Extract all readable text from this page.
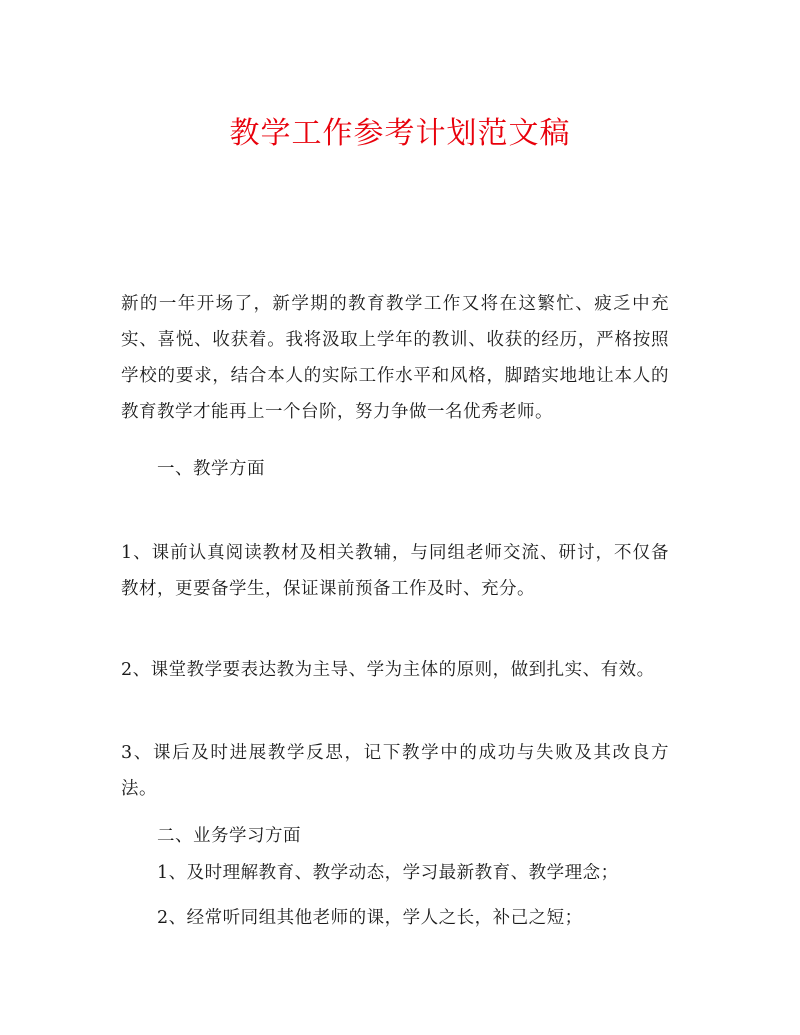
教学工作参考计划范文稿

新的一年开场了，新学期的教育教学工作又将在这繁忙、疲乏中充实、喜悦、收获着。我将汲取上学年的教训、收获的经历，严格按照学校的要求，结合本人的实际工作水平和风格，脚踏实地地让本人的教育教学才能再上一个台阶，努力争做一名优秀老师。

一、教学方面

1、课前认真阅读教材及相关教辅，与同组老师交流、研讨，不仅备教材，更要备学生，保证课前预备工作及时、充分。

2、课堂教学要表达教为主导、学为主体的原则，做到扎实、有效。

3、课后及时进展教学反思，记下教学中的成功与失败及其改良方法。

二、业务学习方面

1、及时理解教育、教学动态，学习最新教育、教学理念；

2、经常听同组其他老师的课，学人之长，补己之短；
